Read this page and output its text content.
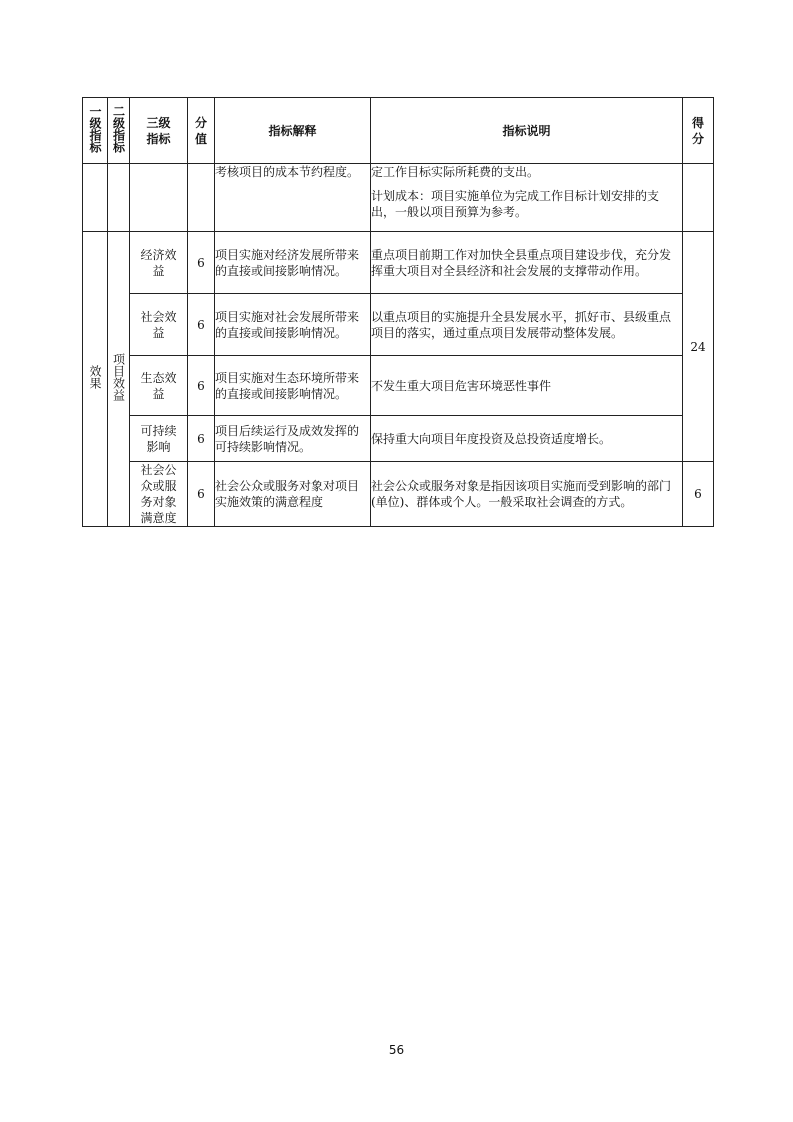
一级指标	二级指标	三级指标	分值	指标解释	指标说明	得分
				考核项目的成本节约程度。	定工作目标实际所耗费的支出。
计划成本：项目实施单位为完成工作目标计划安排的支出，一般以项目预算为参考。	

效果	项目效益	经济效益	6	项目实施对经济发展所带来的直接或间接影响情况。	重点项目前期工作对加快全县重点项目建设步伐，充分发挥重大项目对全县经济和社会发展的支撑带动作用。	24
		社会效益	6	项目实施对社会发展所带来的直接或间接影响情况。	以重点项目的实施提升全县发展水平，抓好市、县级重点项目的落实，通过重点项目发展带动整体发展。	
		生态效益	6	项目实施对生态环境所带来的直接或间接影响情况。	不发生重大项目危害环境恶性事件	
		可持续影响	6	项目后续运行及成效发挥的可持续影响情况。	保持重大向项目年度投资及总投资适度增长。	
		社会公众或服务对象满意度	6	社会公众或服务对象对项目实施效策的满意程度	社会公众或服务对象是指因该项目实施而受到影响的部门(单位)、群体或个人。一般采取社会调查的方式。	6
56
